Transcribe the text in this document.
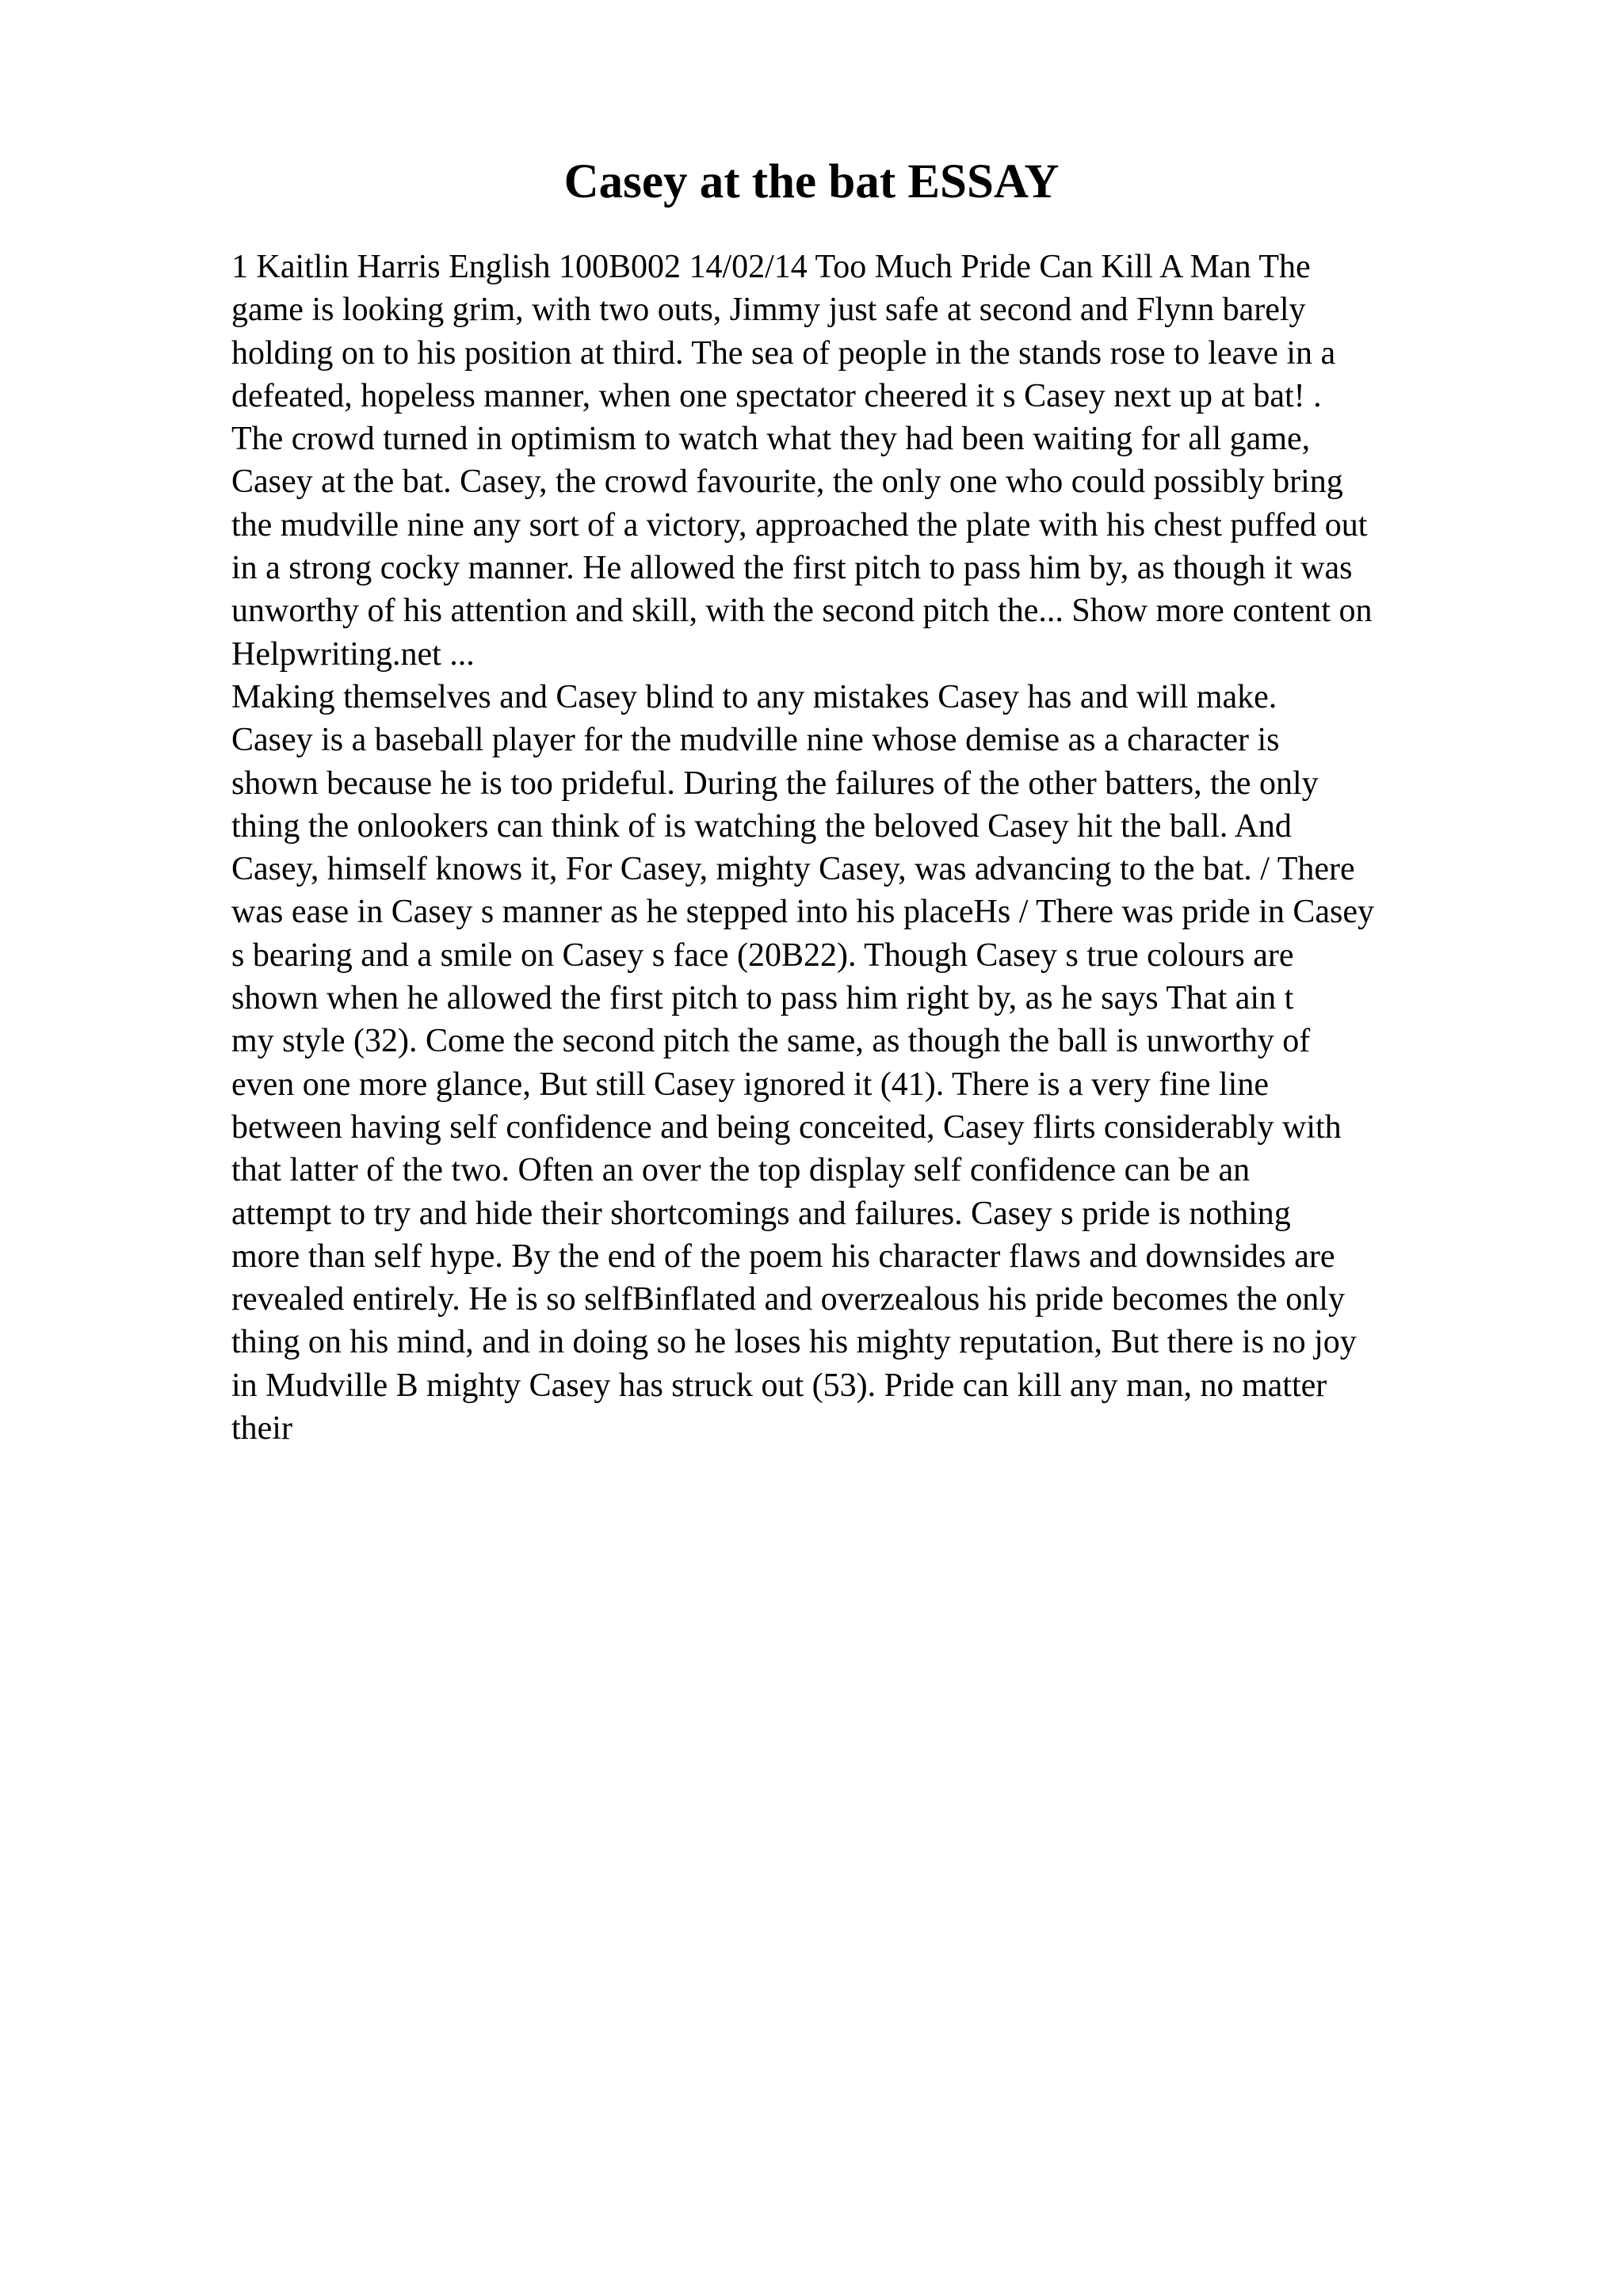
Casey at the bat ESSAY
1 Kaitlin Harris English 100B002 14/02/14 Too Much Pride Can Kill A Man The
game is looking grim, with two outs, Jimmy just safe at second and Flynn barely
holding on to his position at third. The sea of people in the stands rose to leave in a
defeated, hopeless manner, when one spectator cheered it s Casey next up at bat! .
The crowd turned in optimism to watch what they had been waiting for all game,
Casey at the bat. Casey, the crowd favourite, the only one who could possibly bring
the mudville nine any sort of a victory, approached the plate with his chest puffed out
in a strong cocky manner. He allowed the first pitch to pass him by, as though it was
unworthy of his attention and skill, with the second pitch the... Show more content on
Helpwriting.net ...
Making themselves and Casey blind to any mistakes Casey has and will make.
Casey is a baseball player for the mudville nine whose demise as a character is
shown because he is too prideful. During the failures of the other batters, the only
thing the onlookers can think of is watching the beloved Casey hit the ball. And
Casey, himself knows it, For Casey, mighty Casey, was advancing to the bat. / There
was ease in Casey s manner as he stepped into his placeHs / There was pride in Casey
s bearing and a smile on Casey s face (20B22). Though Casey s true colours are
shown when he allowed the first pitch to pass him right by, as he says That ain t
my style (32). Come the second pitch the same, as though the ball is unworthy of
even one more glance, But still Casey ignored it (41). There is a very fine line
between having self confidence and being conceited, Casey flirts considerably with
that latter of the two. Often an over the top display self confidence can be an
attempt to try and hide their shortcomings and failures. Casey s pride is nothing
more than self hype. By the end of the poem his character flaws and downsides are
revealed entirely. He is so selfBinflated and overzealous his pride becomes the only
thing on his mind, and in doing so he loses his mighty reputation, But there is no joy
in Mudville B mighty Casey has struck out (53). Pride can kill any man, no matter
their
